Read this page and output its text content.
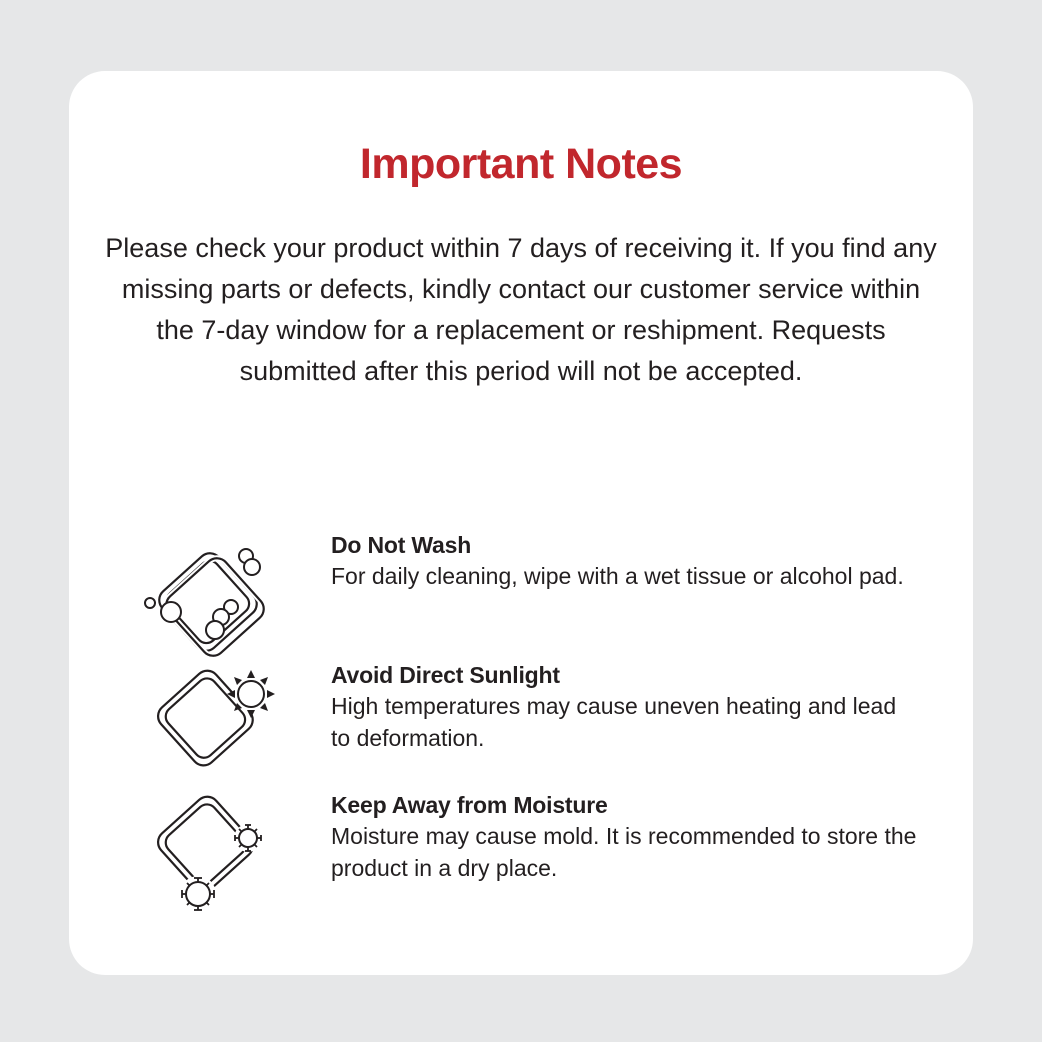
Important Notes

Please check your product within 7 days of receiving it. If you find any missing parts or defects, kindly contact our customer service within the 7-day window for a replacement or reshipment. Requests submitted after this period will not be accepted.

Do Not Wash
For daily cleaning, wipe with a wet tissue or alcohol pad.
Avoid Direct Sunlight
High temperatures may cause uneven heating and lead to deformation.
Keep Away from Moisture
Moisture may cause mold. It is recommended to store the product in a dry place.
